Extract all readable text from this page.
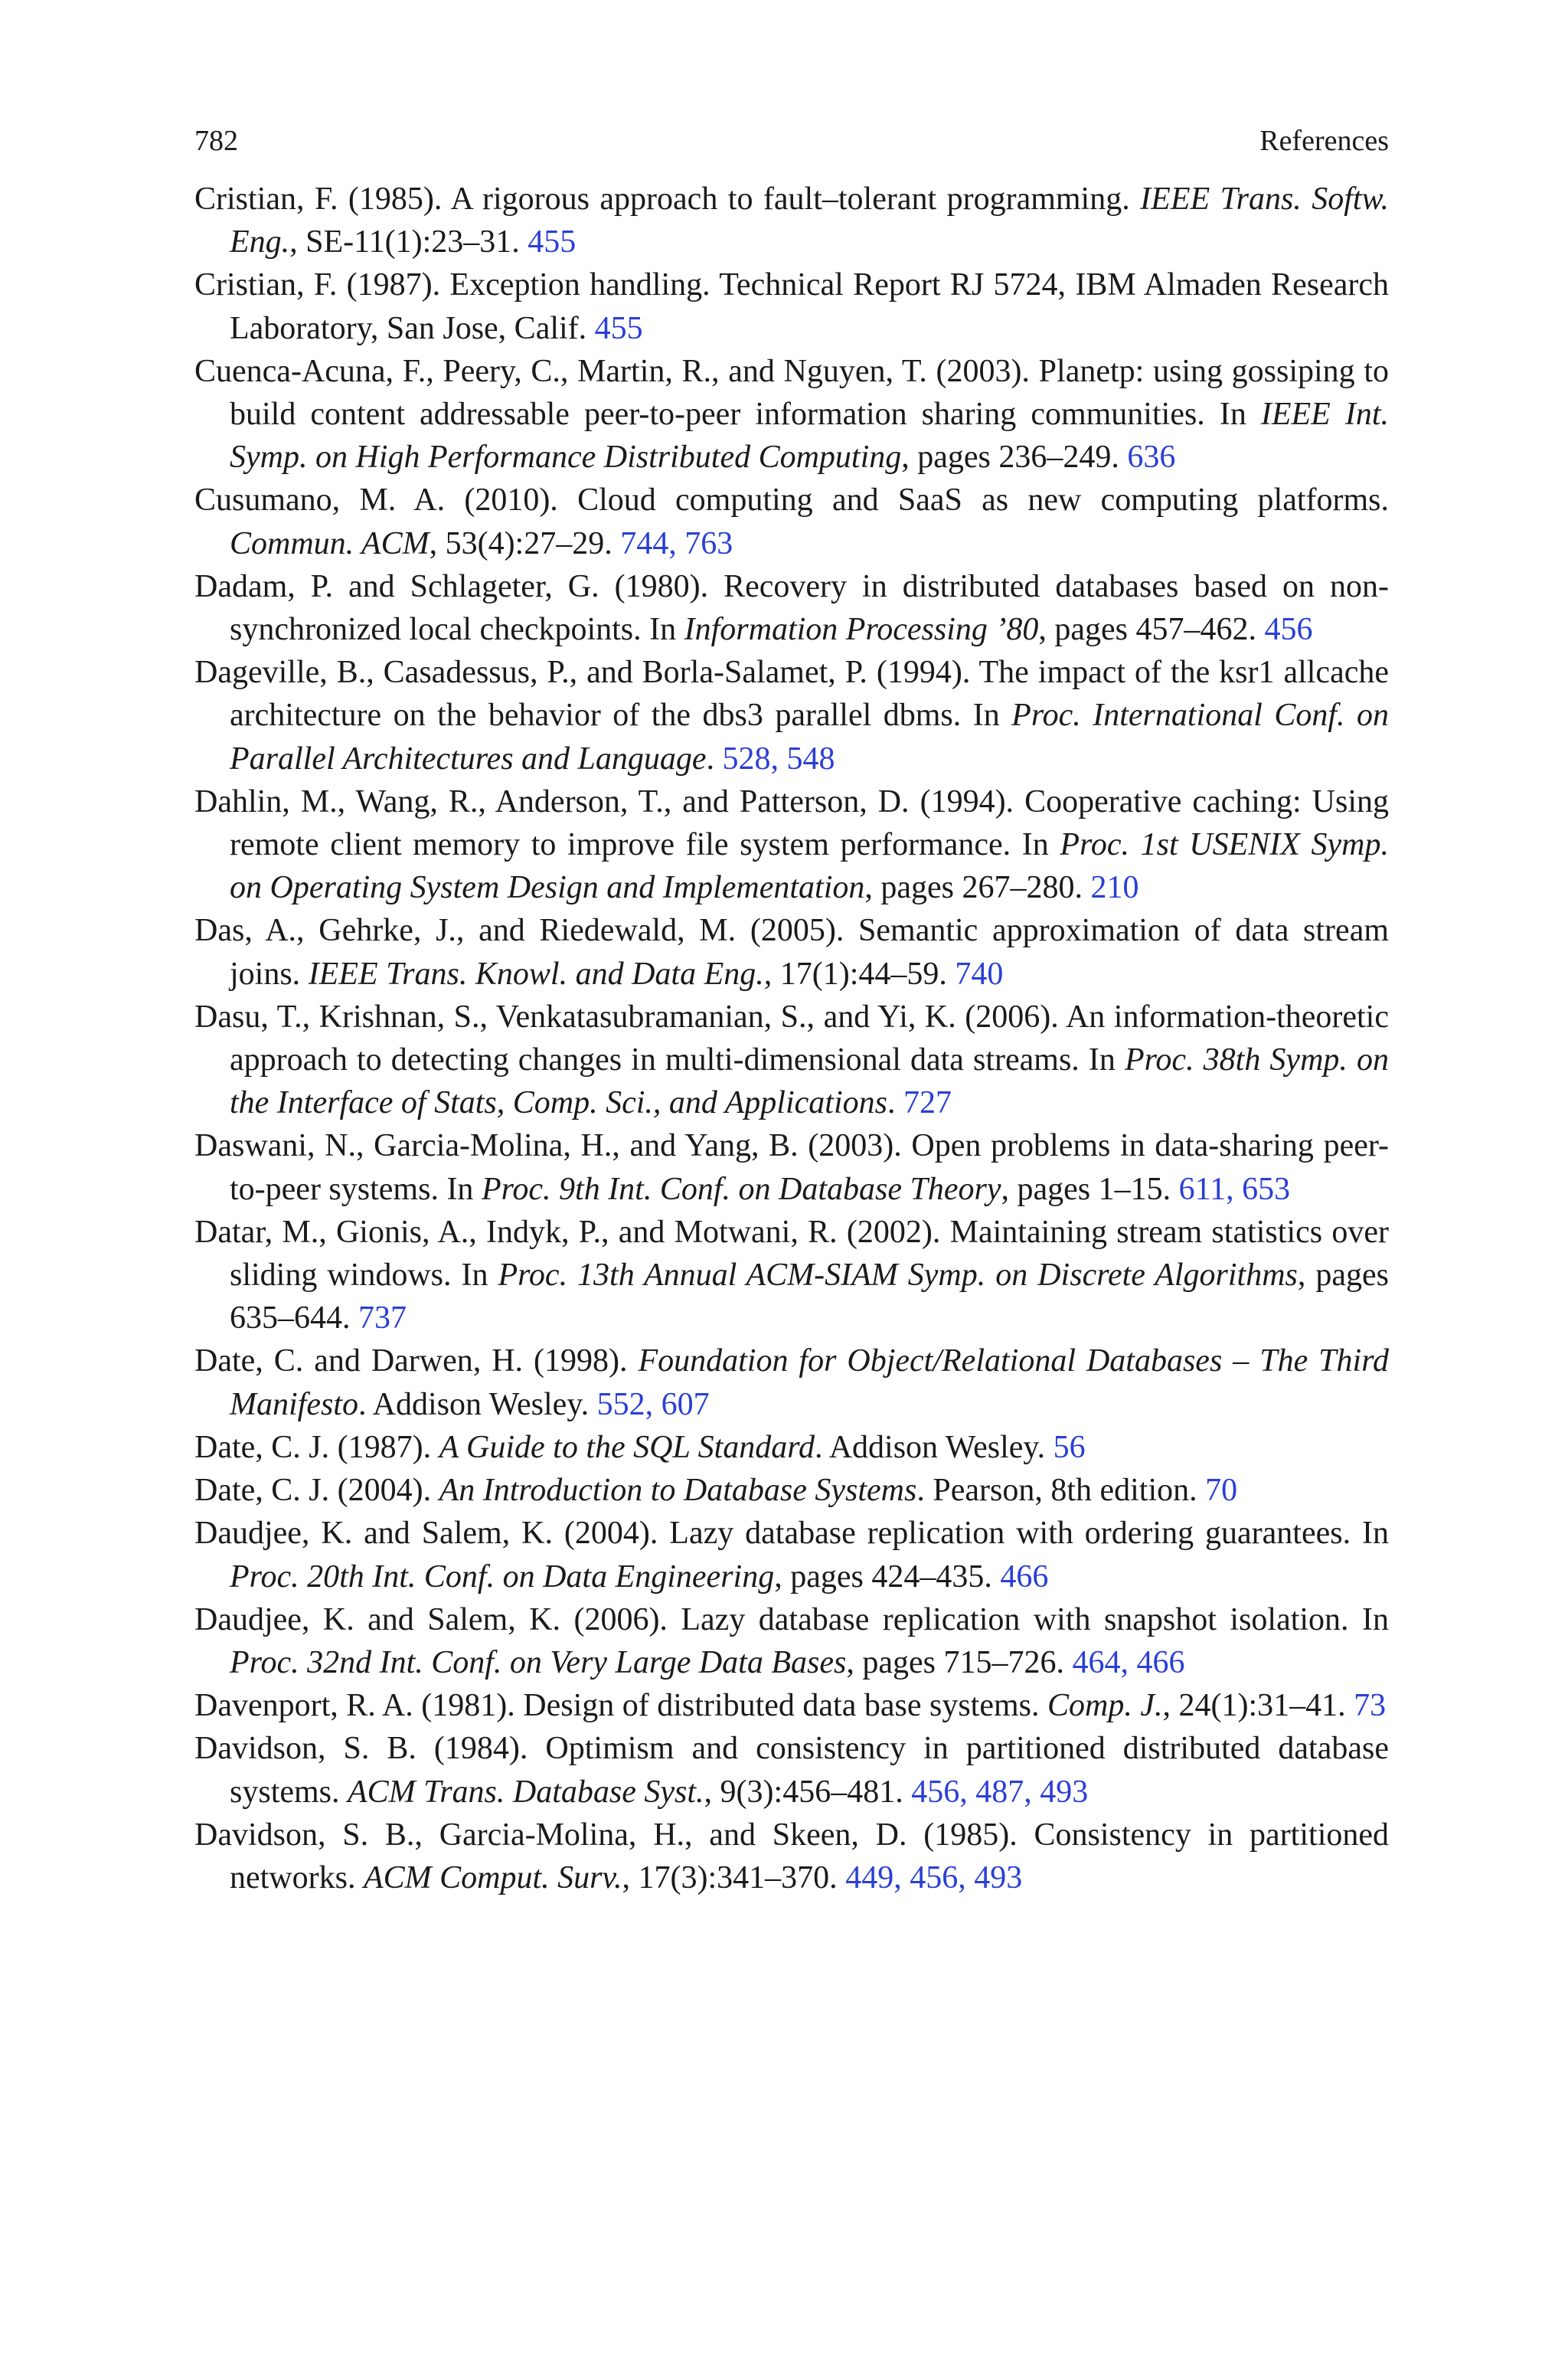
782	References
Cristian, F. (1985). A rigorous approach to fault–tolerant programming. IEEE Trans. Softw. Eng., SE-11(1):23–31. 455
Cristian, F. (1987). Exception handling. Technical Report RJ 5724, IBM Almaden Research Laboratory, San Jose, Calif. 455
Cuenca-Acuna, F., Peery, C., Martin, R., and Nguyen, T. (2003). Planetp: using gossiping to build content addressable peer-to-peer information sharing communities. In IEEE Int. Symp. on High Performance Distributed Computing, pages 236–249. 636
Cusumano, M. A. (2010). Cloud computing and SaaS as new computing platforms. Commun. ACM, 53(4):27–29. 744, 763
Dadam, P. and Schlageter, G. (1980). Recovery in distributed databases based on non-synchronized local checkpoints. In Information Processing ’80, pages 457–462. 456
Dageville, B., Casadessus, P., and Borla-Salamet, P. (1994). The impact of the ksr1 allcache architecture on the behavior of the dbs3 parallel dbms. In Proc. International Conf. on Parallel Architectures and Language. 528, 548
Dahlin, M., Wang, R., Anderson, T., and Patterson, D. (1994). Cooperative caching: Using remote client memory to improve file system performance. In Proc. 1st USENIX Symp. on Operating System Design and Implementation, pages 267–280. 210
Das, A., Gehrke, J., and Riedewald, M. (2005). Semantic approximation of data stream joins. IEEE Trans. Knowl. and Data Eng., 17(1):44–59. 740
Dasu, T., Krishnan, S., Venkatasubramanian, S., and Yi, K. (2006). An information-theoretic approach to detecting changes in multi-dimensional data streams. In Proc. 38th Symp. on the Interface of Stats, Comp. Sci., and Applications. 727
Daswani, N., Garcia-Molina, H., and Yang, B. (2003). Open problems in data-sharing peer-to-peer systems. In Proc. 9th Int. Conf. on Database Theory, pages 1–15. 611, 653
Datar, M., Gionis, A., Indyk, P., and Motwani, R. (2002). Maintaining stream statistics over sliding windows. In Proc. 13th Annual ACM-SIAM Symp. on Discrete Algorithms, pages 635–644. 737
Date, C. and Darwen, H. (1998). Foundation for Object/Relational Databases – The Third Manifesto. Addison Wesley. 552, 607
Date, C. J. (1987). A Guide to the SQL Standard. Addison Wesley. 56
Date, C. J. (2004). An Introduction to Database Systems. Pearson, 8th edition. 70
Daudjee, K. and Salem, K. (2004). Lazy database replication with ordering guarantees. In Proc. 20th Int. Conf. on Data Engineering, pages 424–435. 466
Daudjee, K. and Salem, K. (2006). Lazy database replication with snapshot isolation. In Proc. 32nd Int. Conf. on Very Large Data Bases, pages 715–726. 464, 466
Davenport, R. A. (1981). Design of distributed data base systems. Comp. J., 24(1):31–41. 73
Davidson, S. B. (1984). Optimism and consistency in partitioned distributed database systems. ACM Trans. Database Syst., 9(3):456–481. 456, 487, 493
Davidson, S. B., Garcia-Molina, H., and Skeen, D. (1985). Consistency in partitioned networks. ACM Comput. Surv., 17(3):341–370. 449, 456, 493
